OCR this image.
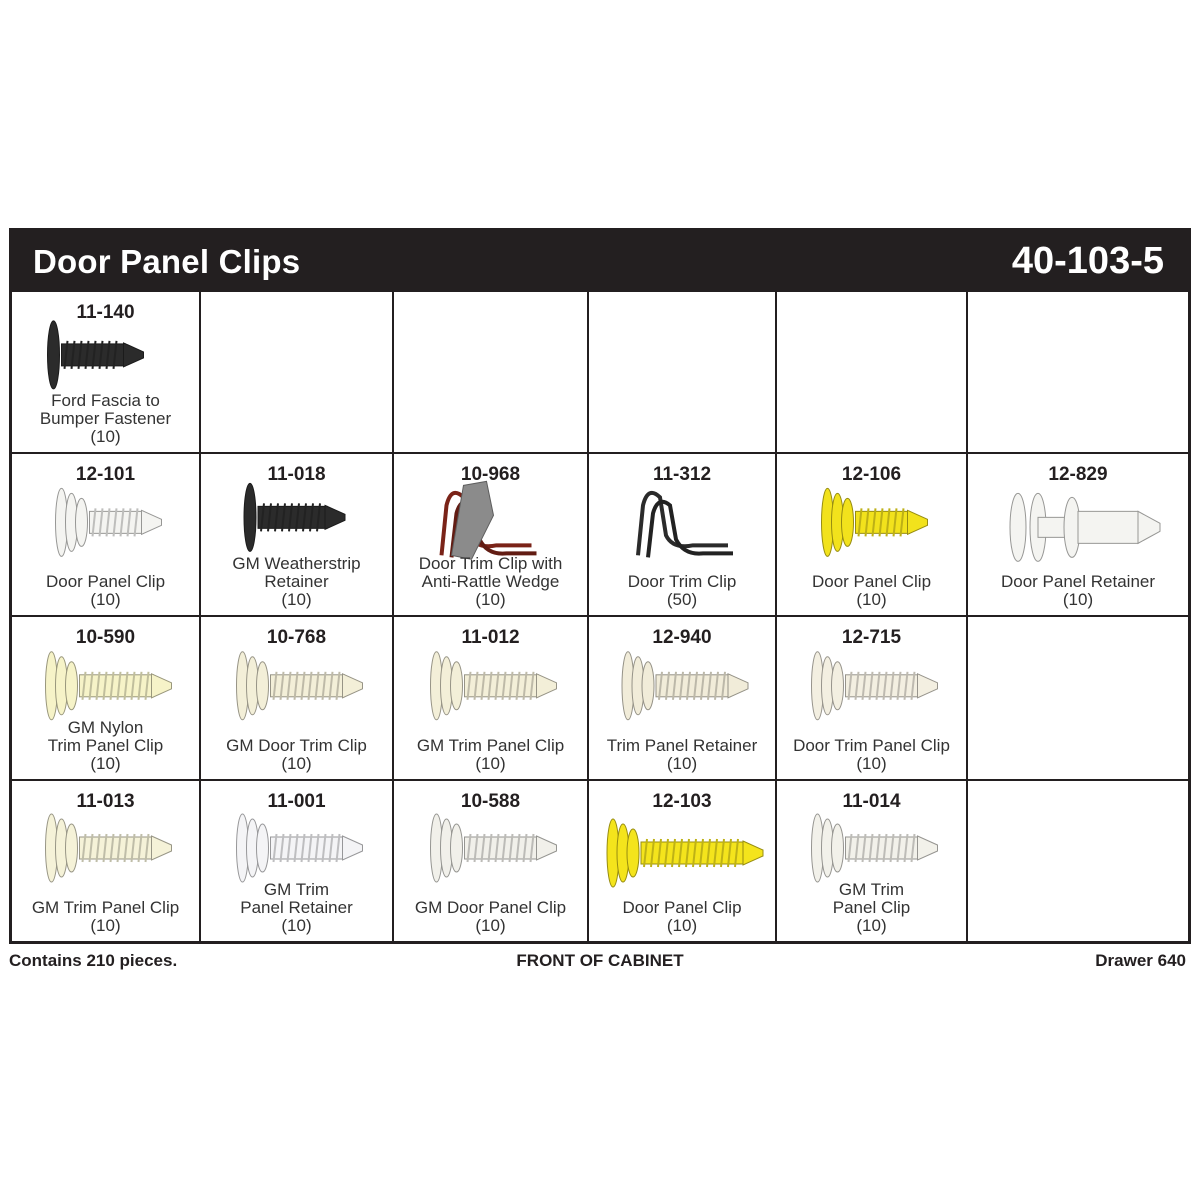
Door Panel Clips	40-103-5
11-140
Ford Fascia to
Bumper Fastener
(10)
12-101
Door Panel Clip
(10)
11-018
GM Weatherstrip
Retainer
(10)
10-968
Door Trim Clip with
Anti-Rattle Wedge
(10)
11-312
Door Trim Clip
(50)
12-106
Door Panel Clip
(10)
12-829
Door Panel Retainer
(10)
10-590
GM Nylon
Trim Panel Clip
(10)
10-768
GM Door Trim Clip
(10)
11-012
GM Trim Panel Clip
(10)
12-940
Trim Panel Retainer
(10)
12-715
Door Trim Panel Clip
(10)
11-013
GM Trim Panel Clip
(10)
11-001
GM Trim
Panel Retainer
(10)
10-588
GM Door Panel Clip
(10)
12-103
Door Panel Clip
(10)
11-014
GM Trim
Panel Clip
(10)
Contains 210 pieces.	FRONT OF CABINET	Drawer 640
